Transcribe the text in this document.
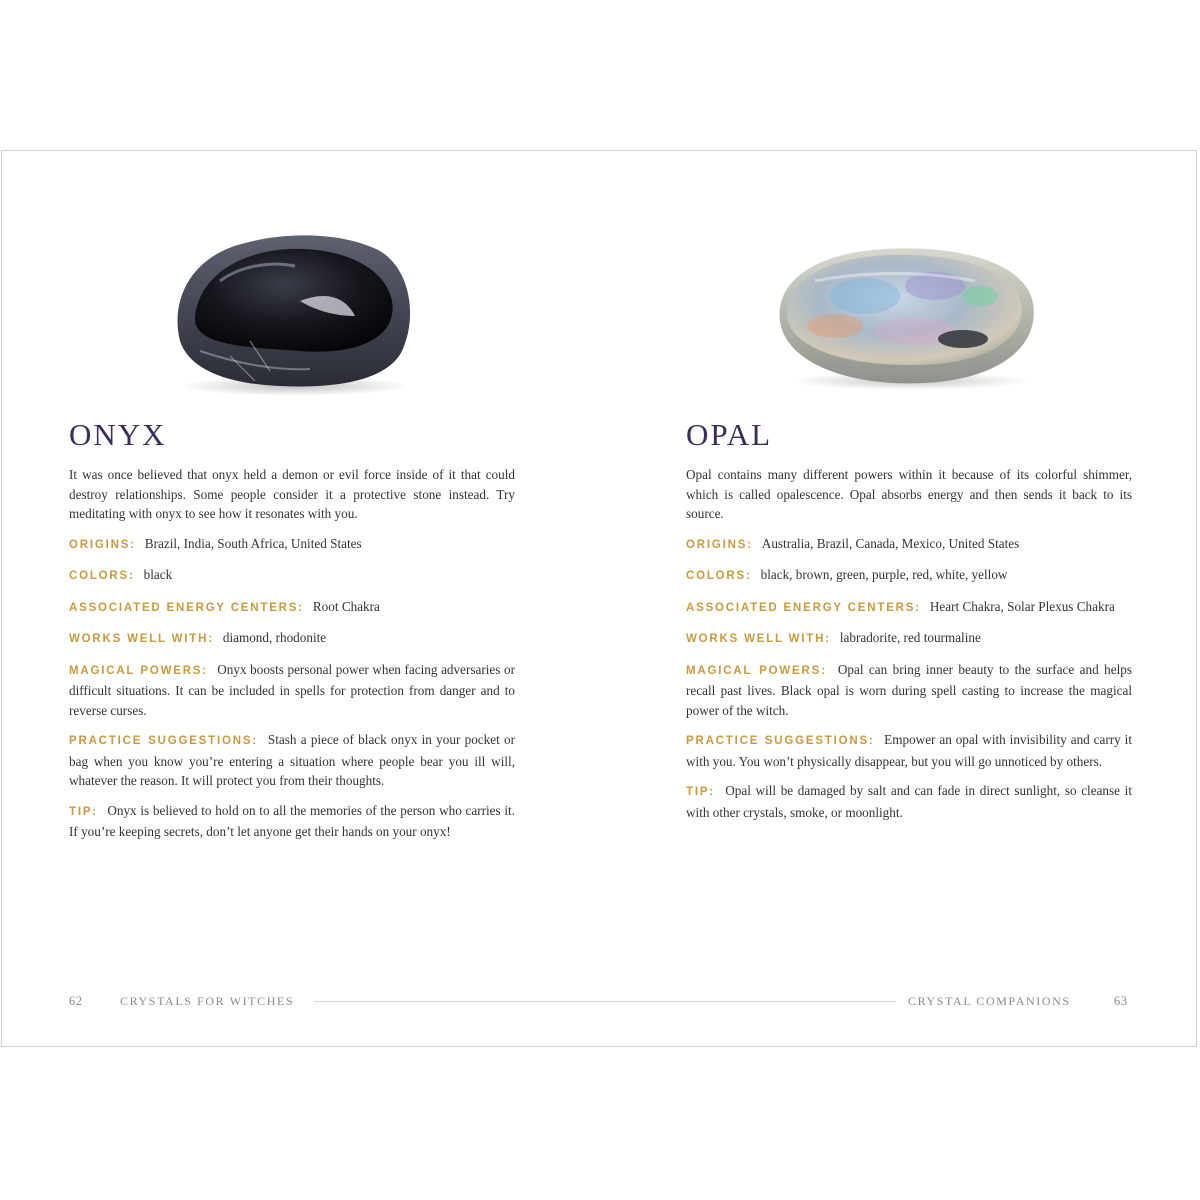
ONYX

It was once believed that onyx held a demon or evil force inside of it that could destroy relationships. Some people consider it a protective stone instead. Try meditating with onyx to see how it resonates with you.

ORIGINS: Brazil, India, South Africa, United States

COLORS: black

ASSOCIATED ENERGY CENTERS: Root Chakra

WORKS WELL WITH: diamond, rhodonite

MAGICAL POWERS: Onyx boosts personal power when facing adversaries or difficult situations. It can be included in spells for protection from danger and to reverse curses.

PRACTICE SUGGESTIONS: Stash a piece of black onyx in your pocket or bag when you know you’re entering a situation where people bear you ill will, whatever the reason. It will protect you from their thoughts.

TIP: Onyx is believed to hold on to all the memories of the person who carries it. If you’re keeping secrets, don’t let anyone get their hands on your onyx!

62	CRYSTALS FOR WITCHES
OPAL

Opal contains many different powers within it because of its colorful shimmer, which is called opalescence. Opal absorbs energy and then sends it back to its source.

ORIGINS: Australia, Brazil, Canada, Mexico, United States

COLORS: black, brown, green, purple, red, white, yellow

ASSOCIATED ENERGY CENTERS: Heart Chakra, Solar Plexus Chakra

WORKS WELL WITH: labradorite, red tourmaline

MAGICAL POWERS: Opal can bring inner beauty to the surface and helps recall past lives. Black opal is worn during spell casting to increase the magical power of the witch.

PRACTICE SUGGESTIONS: Empower an opal with invisibility and carry it with you. You won’t physically disappear, but you will go unnoticed by others.

TIP: Opal will be damaged by salt and can fade in direct sunlight, so cleanse it with other crystals, smoke, or moonlight.

CRYSTAL COMPANIONS	63
